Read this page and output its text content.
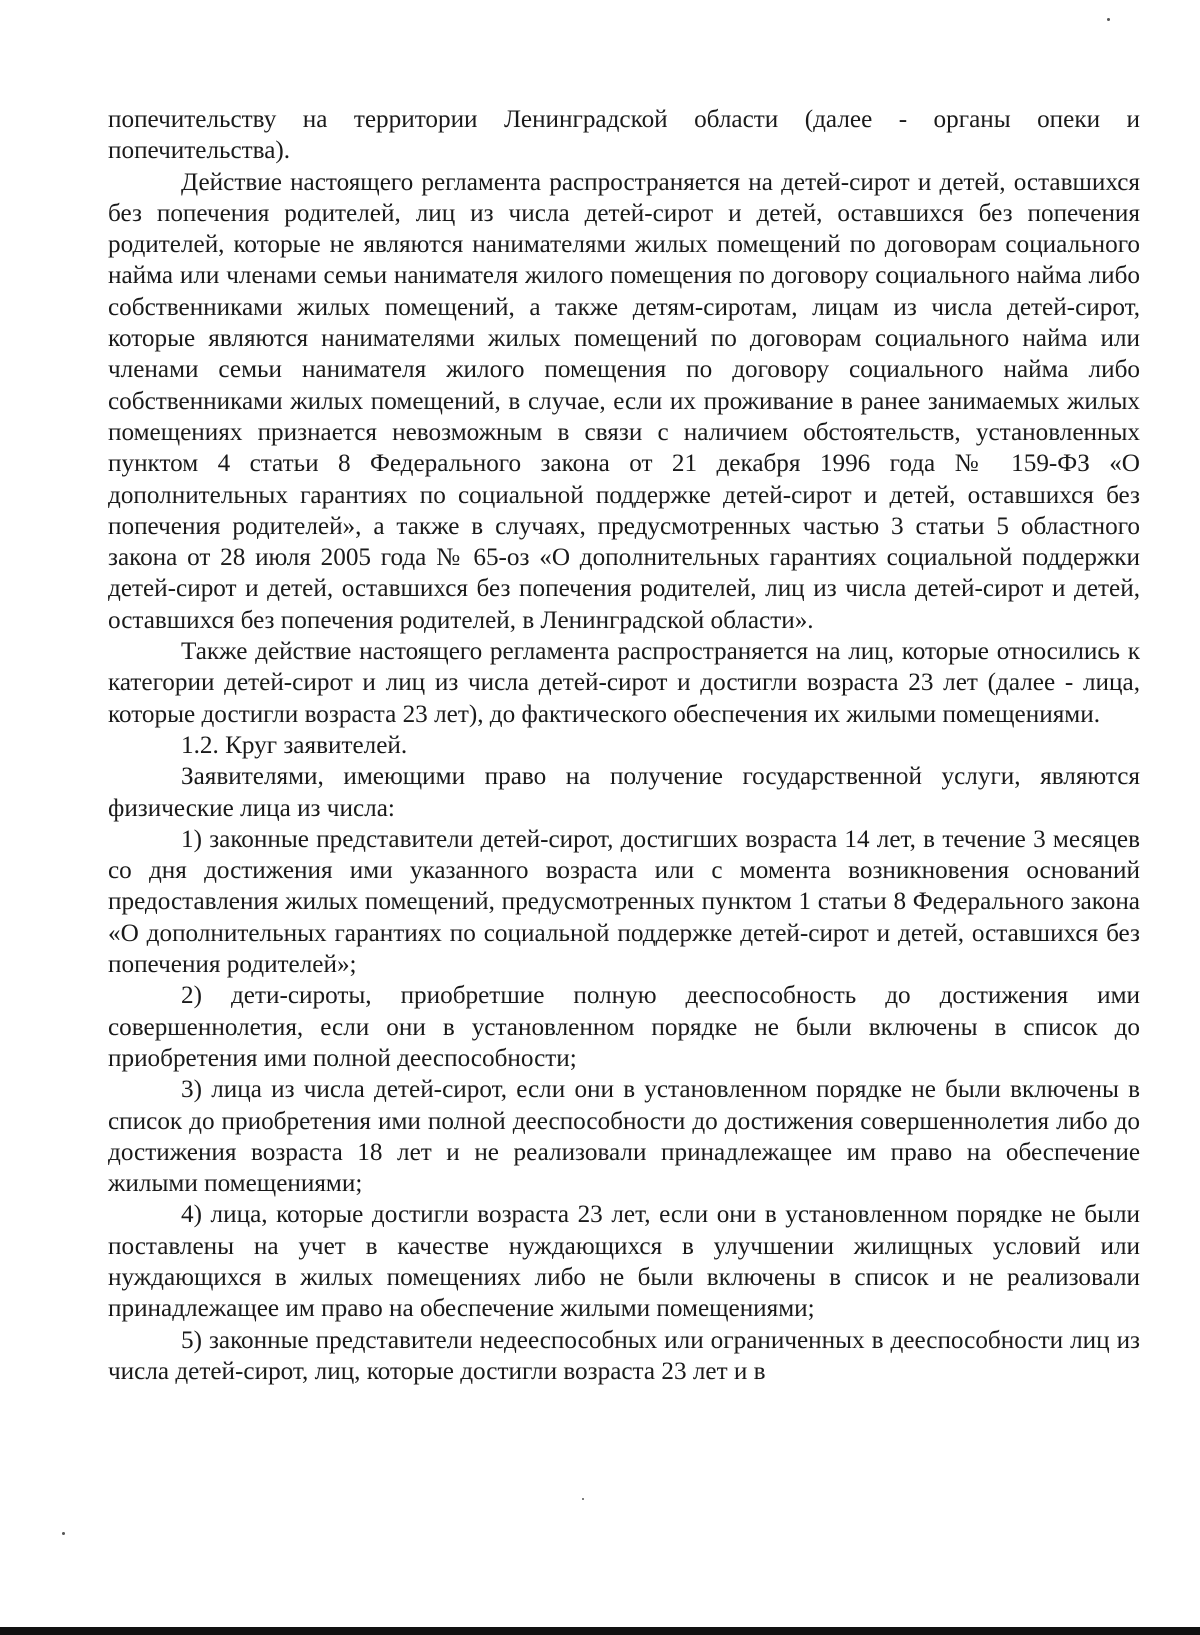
попечительству на территории Ленинградской области (далее - органы опеки и попечительства).

Действие настоящего регламента распространяется на детей-сирот и детей, оставшихся без попечения родителей, лиц из числа детей-сирот и детей, оставшихся без попечения родителей, которые не являются нанимателями жилых помещений по договорам социального найма или членами семьи нанимателя жилого помещения по договору социального найма либо собственниками жилых помещений, а также детям-сиротам, лицам из числа детей-сирот, которые являются нанимателями жилых помещений по договорам социального найма или членами семьи нанимателя жилого помещения по договору социального найма либо собственниками жилых помещений, в случае, если их проживание в ранее занимаемых жилых помещениях признается невозможным в связи с наличием обстоятельств, установленных пунктом 4 статьи 8 Федерального закона от 21 декабря 1996 года № 159-ФЗ «О дополнительных гарантиях по социальной поддержке детей-сирот и детей, оставшихся без попечения родителей», а также в случаях, предусмотренных частью 3 статьи 5 областного закона от 28 июля 2005 года № 65-оз «О дополнительных гарантиях социальной поддержки детей-сирот и детей, оставшихся без попечения родителей, лиц из числа детей-сирот и детей, оставшихся без попечения родителей, в Ленинградской области».

Также действие настоящего регламента распространяется на лиц, которые относились к категории детей-сирот и лиц из числа детей-сирот и достигли возраста 23 лет (далее - лица, которые достигли возраста 23 лет), до фактического обеспечения их жилыми помещениями.

1.2. Круг заявителей.

Заявителями, имеющими право на получение государственной услуги, являются физические лица из числа:

1) законные представители детей-сирот, достигших возраста 14 лет, в течение 3 месяцев со дня достижения ими указанного возраста или с момента возникновения оснований предоставления жилых помещений, предусмотренных пунктом 1 статьи 8 Федерального закона «О дополнительных гарантиях по социальной поддержке детей-сирот и детей, оставшихся без попечения родителей»;

2) дети-сироты, приобретшие полную дееспособность до достижения ими совершеннолетия, если они в установленном порядке не были включены в список до приобретения ими полной дееспособности;

3) лица из числа детей-сирот, если они в установленном порядке не были включены в список до приобретения ими полной дееспособности до достижения совершеннолетия либо до достижения возраста 18 лет и не реализовали принадлежащее им право на обеспечение жилыми помещениями;

4) лица, которые достигли возраста 23 лет, если они в установленном порядке не были поставлены на учет в качестве нуждающихся в улучшении жилищных условий или нуждающихся в жилых помещениях либо не были включены в список и не реализовали принадлежащее им право на обеспечение жилыми помещениями;

5) законные представители недееспособных или ограниченных в дееспособности лиц из числа детей-сирот, лиц, которые достигли возраста 23 лет и в
